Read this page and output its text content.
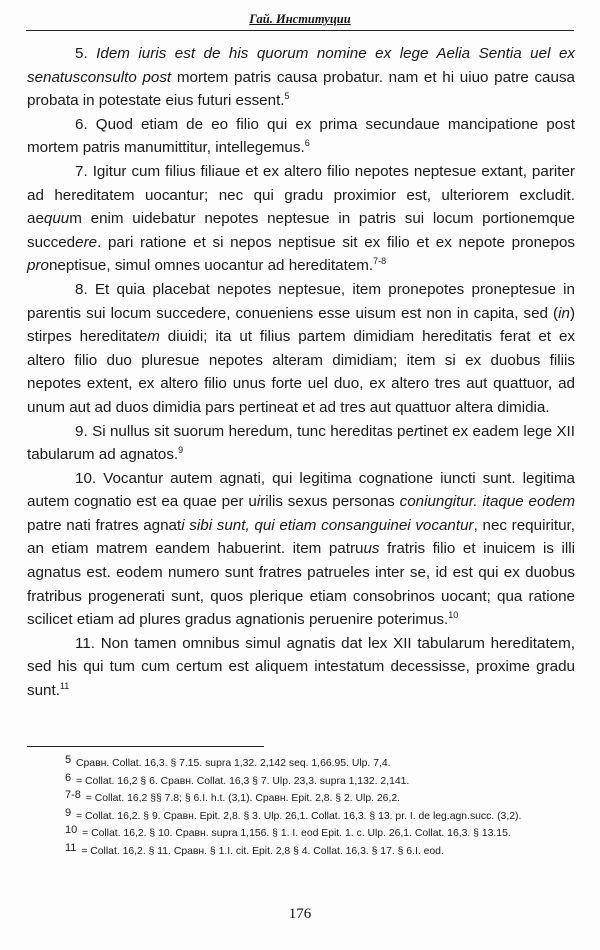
Гай. Институции

5. Idem iuris est de his quorum nomine ex lege Aelia Sentia uel ex senatusconsulto post mortem patris causa probatur. nam et hi uiuo patre causa probata in potestate eius futuri essent.$^5$

6. Quod etiam de eo filio qui ex prima secundaue mancipatione post mortem patris manumittitur, intellegemus.$^6$

7. Igitur cum filius filiaue et ex altero filio nepotes neptesue extant, pariter ad hereditatem uocantur; nec qui gradu proximior est, ulteriorem excludit. aequum enim uidebatur nepotes neptesue in patris sui locum portionemque succedere. pari ratione et si nepos neptisue sit ex filio et ex nepote pronepos proneptisue, simul omnes uocantur ad hereditatem.$^{7-8}$

8. Et quia placebat nepotes neptesue, item pronepotes proneptesue in parentis sui locum succedere, conueniens esse uisum est non in capita, sed (in) stirpes hereditatem diuidi; ita ut filius partem dimidiam hereditatis ferat et ex altero filio duo pluresue nepotes alteram dimidiam; item si ex duobus filiis nepotes extent, ex altero filio unus forte uel duo, ex altero tres aut quattuor, ad unum aut ad duos dimidia pars pertineat et ad tres aut quattuor altera dimidia.

9. Si nullus sit suorum heredum, tunc hereditas pertinet ex eadem lege XII tabularum ad agnatos.$^9$

10. Vocantur autem agnati, qui legitima cognatione iuncti sunt. legitima autem cognatio est ea quae per uirilis sexus personas coniungitur. itaque eodem patre nati fratres agnati sibi sunt, qui etiam consanguinei vocantur, nec requiritur, an etiam matrem eandem habuerint. item patruus fratris filio et inuicem is illi agnatus est. eodem numero sunt fratres patrueles inter se, id est qui ex duobus fratribus progenerati sunt, quos plerique etiam consobrinos uocant; qua ratione scilicet etiam ad plures gradus agnationis peruenire poterimus.$^{10}$

11. Non tamen omnibus simul agnatis dat lex XII tabularum hereditatem, sed his qui tum cum certum est aliquem intestatum decessisse, proxime gradu sunt.$^{11}$

$^5$ Сравн. Collat. 16,3. § 7.15. supra 1,32. 2,142 seq. 1,66.95. Ulp. 7,4.

$^6$ = Collat. 16,2 § 6. Сравн. Collat. 16,3 § 7. Ulp. 23,3. supra 1,132. 2,141.

$^{7-8}$ = Collat. 16,2 §§ 7.8; § 6.I. h.t. (3,1). Сравн. Epit. 2,8. § 2. Ulp. 26,2.

$^9$ = Collat. 16,2. § 9. Сравн. Epit. 2,8. § 3. Ulp. 26,1. Collat. 16,3. § 13. pr. I. de leg.agn.succ. (3,2).

$^{10}$ = Collat. 16,2. § 10. Сравн. supra 1,156. § 1. I. eod Epit. 1. c. Ulp. 26,1. Collat. 16,3. § 13.15.

$^{11}$ = Collat. 16,2. § 11. Сравн. § 1.I. cit. Epit. 2,8 § 4. Collat. 16,3. § 17. § 6.I. eod.

176
